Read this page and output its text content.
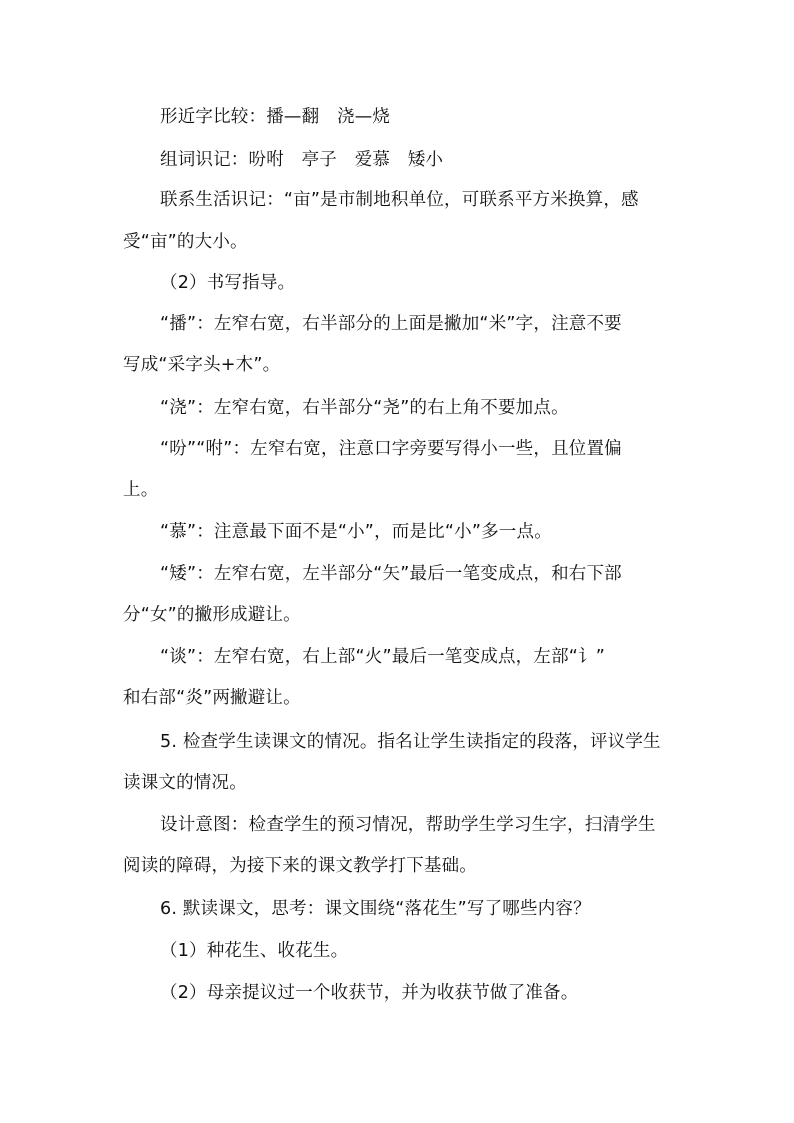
形近字比较：播—翻　浇—烧
组词识记：吩咐　亭子　爱慕　矮小
联系生活识记：“亩”是市制地积单位，可联系平方米换算，感
受“亩”的大小。
（2）书写指导。
“播”：左窄右宽，右半部分的上面是撇加“米”字，注意不要
写成“采字头+木”。
“浇”：左窄右宽，右半部分“尧”的右上角不要加点。
“吩”“咐”：左窄右宽，注意口字旁要写得小一些，且位置偏
上。
“慕”：注意最下面不是“小”，而是比“小”多一点。
“矮”：左窄右宽，左半部分“矢”最后一笔变成点，和右下部
分“女”的撇形成避让。
“谈”：左窄右宽，右上部“火”最后一笔变成点，左部“讠”
和右部“炎”两撇避让。
5. 检查学生读课文的情况。指名让学生读指定的段落，评议学生
读课文的情况。
设计意图：检查学生的预习情况，帮助学生学习生字，扫清学生
阅读的障碍，为接下来的课文教学打下基础。
6. 默读课文，思考：课文围绕“落花生”写了哪些内容？
（1）种花生、收花生。
（2）母亲提议过一个收获节，并为收获节做了准备。
